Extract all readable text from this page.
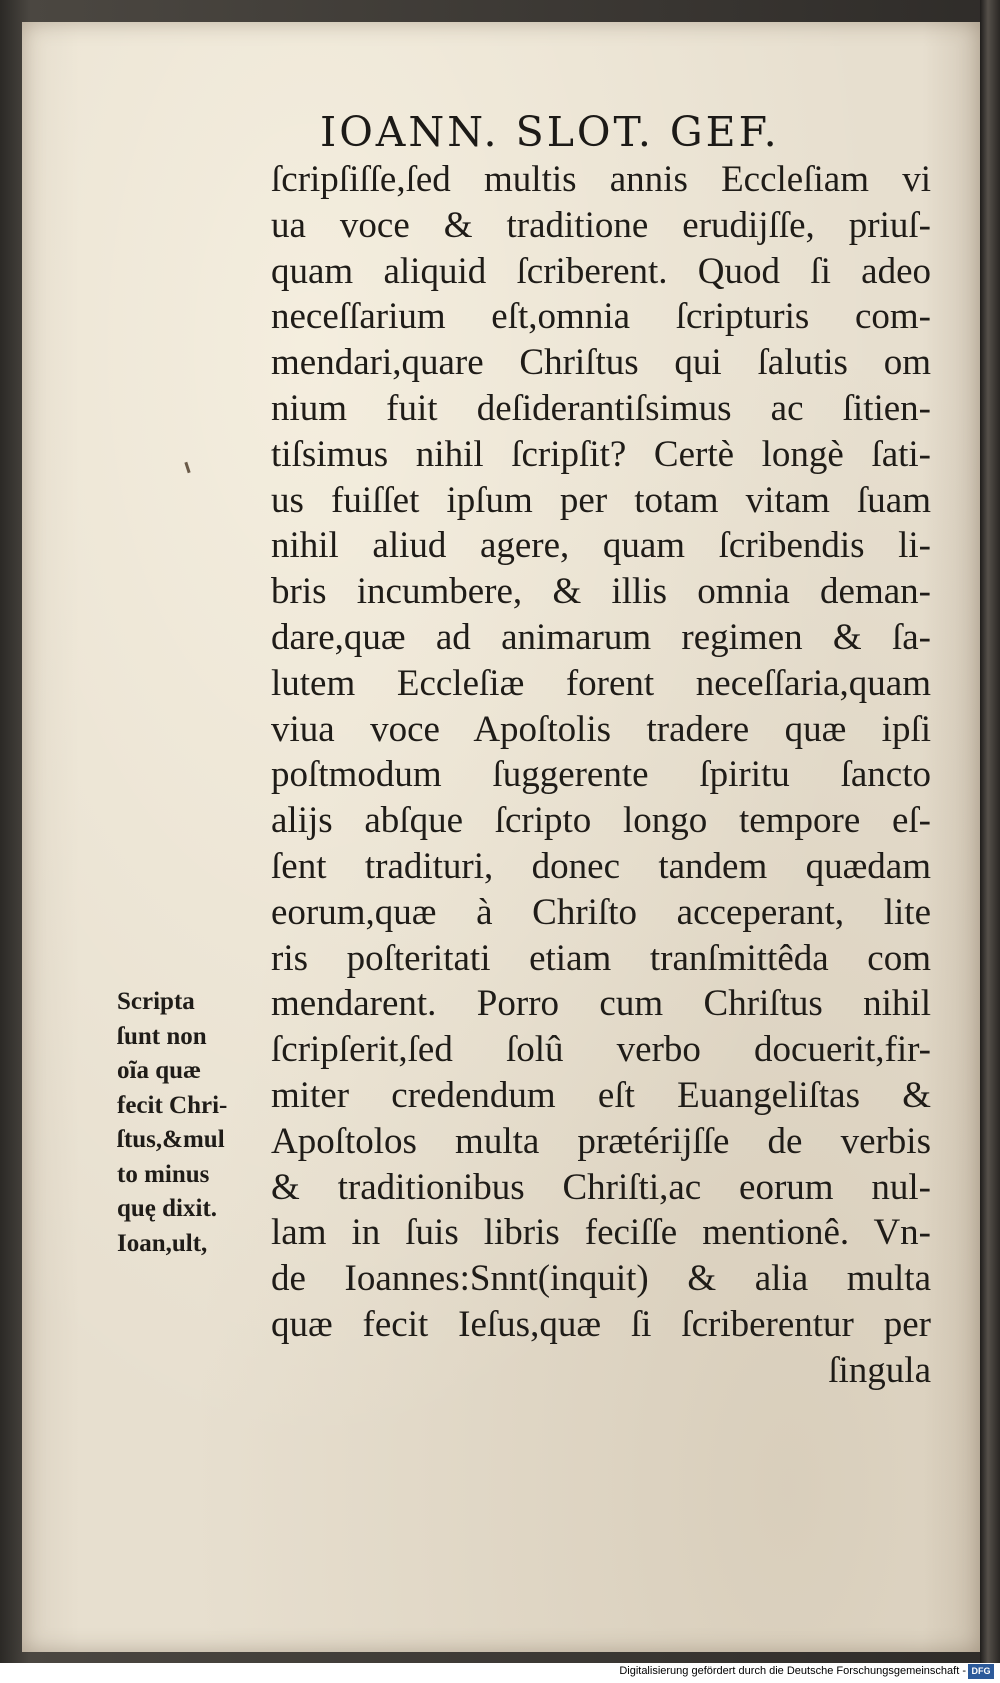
IOANN. SLOT. GEF.
ſcripſiſſe,ſed multis annis Eccleſiam vi
ua voce & traditione erudijſſe, priuſ-
quam aliquid ſcriberent. Quod ſi adeo
neceſſarium eſt,omnia ſcripturis com-
mendari,quare Chriſtus qui ſalutis om
nium fuit deſiderantiſsimus ac ſitien-
tiſsimus nihil ſcripſit? Certè longè ſati-
us fuiſſet ipſum per totam vitam ſuam
nihil aliud agere, quam ſcribendis li-
bris incumbere, & illis omnia deman-
dare,quæ ad animarum regimen & ſa-
lutem Eccleſiæ forent neceſſaria,quam
viua voce Apoſtolis tradere quæ ipſi
poſtmodum ſuggerente ſpiritu ſancto
alijs abſque ſcripto longo tempore eſ-
ſent tradituri, donec tandem quædam
eorum,quæ à Chriſto acceperant, lite
ris poſteritati etiam tranſmittêda com
mendarent. Porro cum Chriſtus nihil
ſcripſerit,ſed ſolû verbo docuerit,fir-
miter credendum eſt Euangeliſtas &
Apoſtolos multa prætérijſſe de verbis
& traditionibus Chriſti,ac eorum nul-
lam in ſuis libris feciſſe mentionê. Vn-
de Ioannes:Snnt(inquit) & alia multa
quæ fecit Ieſus,quæ ſi ſcriberentur per
ſingula
Scripta
ſunt non
oĩa quæ
fecit Chri-
ſtus,&mul
to minus
quę dixit.
Ioan,ult,
Digitalisierung gefördert durch die Deutsche Forschungsgemeinschaft - DFG
